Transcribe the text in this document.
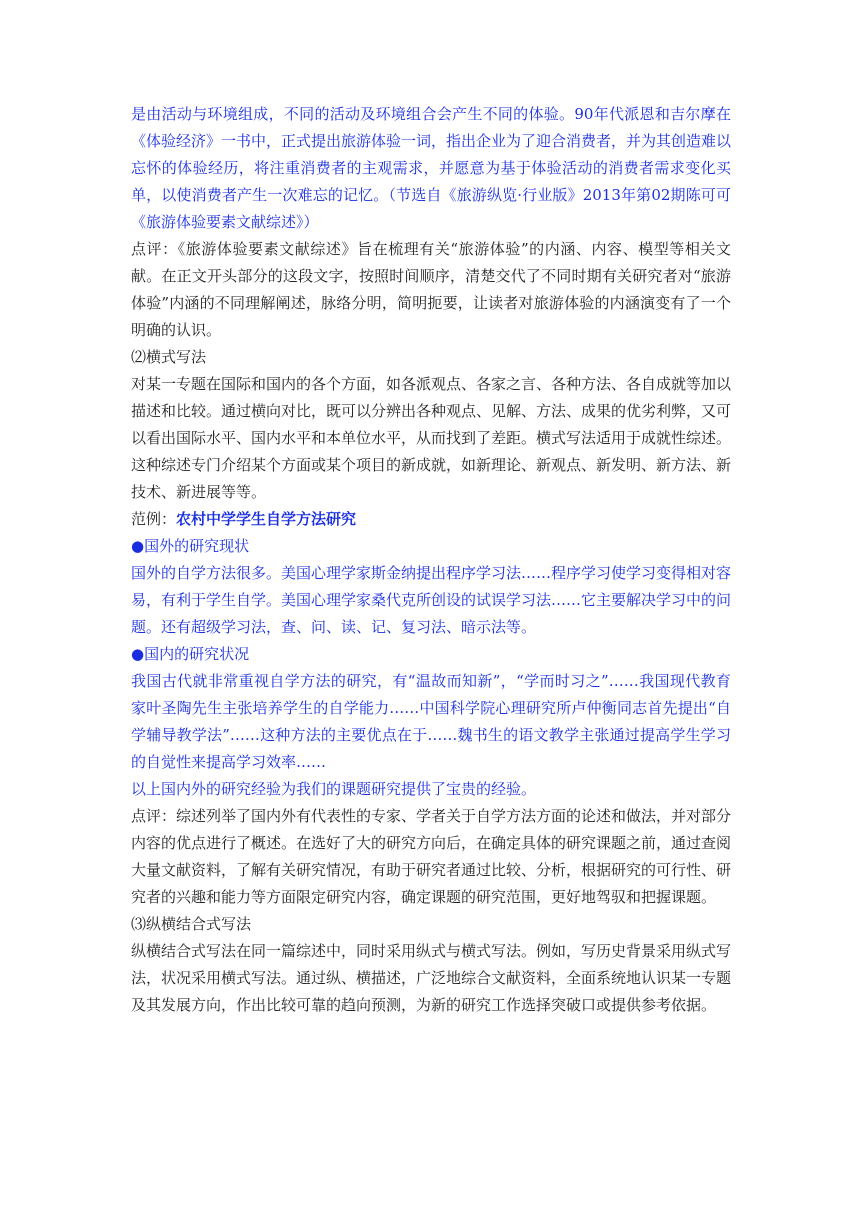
是由活动与环境组成，不同的活动及环境组合会产生不同的体验。90年代派恩和吉尔摩在《体验经济》一书中，正式提出旅游体验一词，指出企业为了迎合消费者，并为其创造难以忘怀的体验经历，将注重消费者的主观需求，并愿意为基于体验活动的消费者需求变化买单，以使消费者产生一次难忘的记忆。（节选自《旅游纵览·行业版》2013年第02期陈可可《旅游体验要素文献综述》）

点评：《旅游体验要素文献综述》旨在梳理有关“旅游体验”的内涵、内容、模型等相关文献。在正文开头部分的这段文字，按照时间顺序，清楚交代了不同时期有关研究者对“旅游体验”内涵的不同理解阐述，脉络分明，简明扼要，让读者对旅游体验的内涵演变有了一个明确的认识。

⑵横式写法

对某一专题在国际和国内的各个方面，如各派观点、各家之言、各种方法、各自成就等加以描述和比较。通过横向对比，既可以分辨出各种观点、见解、方法、成果的优劣利弊，又可以看出国际水平、国内水平和本单位水平，从而找到了差距。横式写法适用于成就性综述。这种综述专门介绍某个方面或某个项目的新成就，如新理论、新观点、新发明、新方法、新技术、新进展等等。

范例：农村中学学生自学方法研究

●国外的研究现状

国外的自学方法很多。美国心理学家斯金纳提出程序学习法……程序学习使学习变得相对容易，有利于学生自学。美国心理学家桑代克所创设的试误学习法……它主要解决学习中的问题。还有超级学习法，查、问、读、记、复习法、暗示法等。

●国内的研究状况

我国古代就非常重视自学方法的研究，有“温故而知新”，“学而时习之”……我国现代教育家叶圣陶先生主张培养学生的自学能力……中国科学院心理研究所卢仲衡同志首先提出“自学辅导教学法”……这种方法的主要优点在于……魏书生的语文教学主张通过提高学生学习的自觉性来提高学习效率……

以上国内外的研究经验为我们的课题研究提供了宝贵的经验。

点评：综述列举了国内外有代表性的专家、学者关于自学方法方面的论述和做法，并对部分内容的优点进行了概述。在选好了大的研究方向后，在确定具体的研究课题之前，通过查阅大量文献资料，了解有关研究情况，有助于研究者通过比较、分析，根据研究的可行性、研究者的兴趣和能力等方面限定研究内容，确定课题的研究范围，更好地驾驭和把握课题。

⑶纵横结合式写法

纵横结合式写法在同一篇综述中，同时采用纵式与横式写法。例如，写历史背景采用纵式写法，状况采用横式写法。通过纵、横描述，广泛地综合文献资料，全面系统地认识某一专题及其发展方向，作出比较可靠的趋向预测，为新的研究工作选择突破口或提供参考依据。
